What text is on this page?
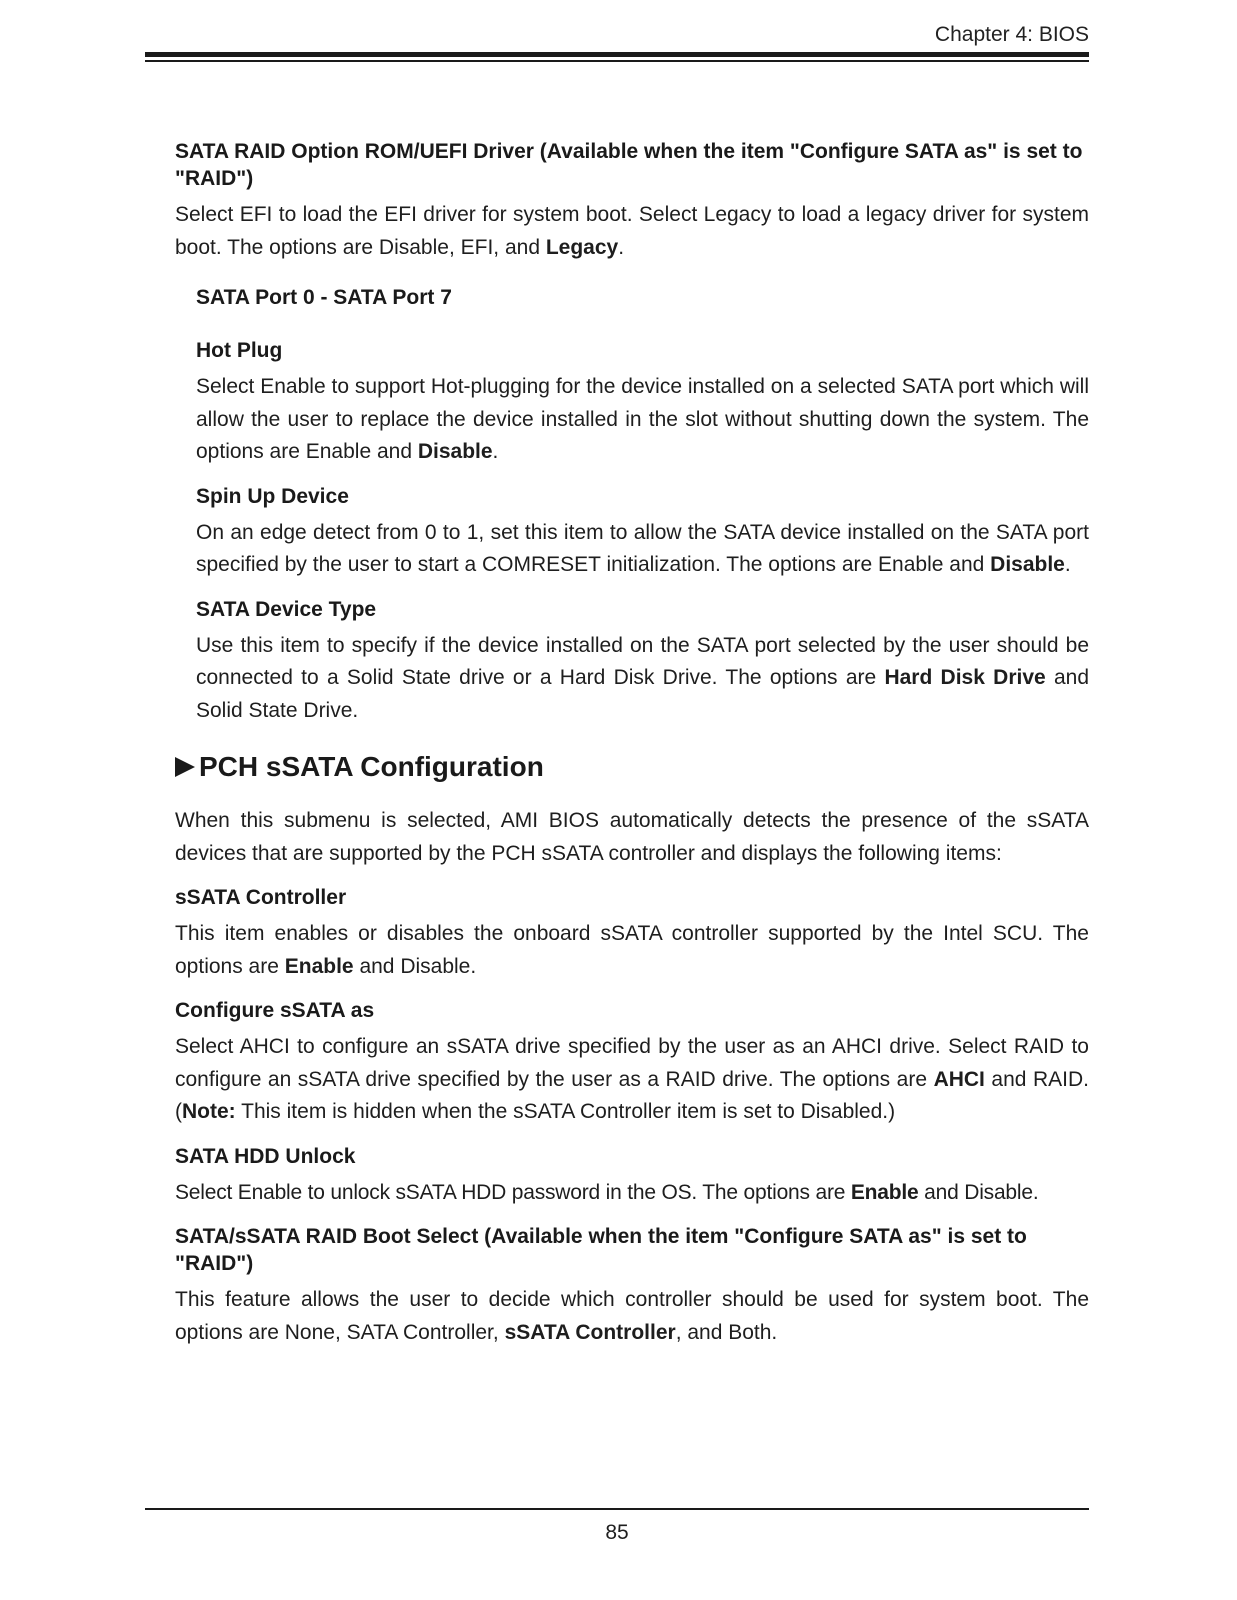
Chapter 4: BIOS
SATA RAID Option ROM/UEFI Driver (Available when the item "Configure SATA as" is set to "RAID")
Select EFI to load the EFI driver for system boot. Select Legacy to load a legacy driver for system boot. The options are Disable, EFI, and Legacy.
SATA Port 0 - SATA Port 7
Hot Plug
Select Enable to support Hot-plugging for the device installed on a selected SATA port which will allow the user to replace the device installed in the slot without shutting down the system. The options are Enable and Disable.
Spin Up Device
On an edge detect from 0 to 1, set this item to allow the SATA device installed on the SATA port specified by the user to start a COMRESET initialization. The options are Enable and Disable.
SATA Device Type
Use this item to specify if the device installed on the SATA port selected by the user should be connected to a Solid State drive or a Hard Disk Drive. The options are Hard Disk Drive and Solid State Drive.
PCH sSATA Configuration
When this submenu is selected, AMI BIOS automatically detects the presence of the sSATA devices that are supported by the PCH sSATA controller and displays the following items:
sSATA Controller
This item enables or disables the onboard sSATA controller supported by the Intel SCU. The options are Enable and Disable.
Configure sSATA as
Select AHCI to configure an sSATA drive specified by the user as an AHCI drive. Select RAID to configure an sSATA drive specified by the user as a RAID drive. The options are AHCI and RAID. (Note: This item is hidden when the sSATA Controller item is set to Disabled.)
SATA HDD Unlock
Select Enable to unlock sSATA HDD password in the OS. The options are Enable and Disable.
SATA/sSATA RAID Boot Select (Available when the item "Configure SATA as" is set to "RAID")
This feature allows the user to decide which controller should be used for system boot. The options are None, SATA Controller, sSATA Controller, and Both.
85
